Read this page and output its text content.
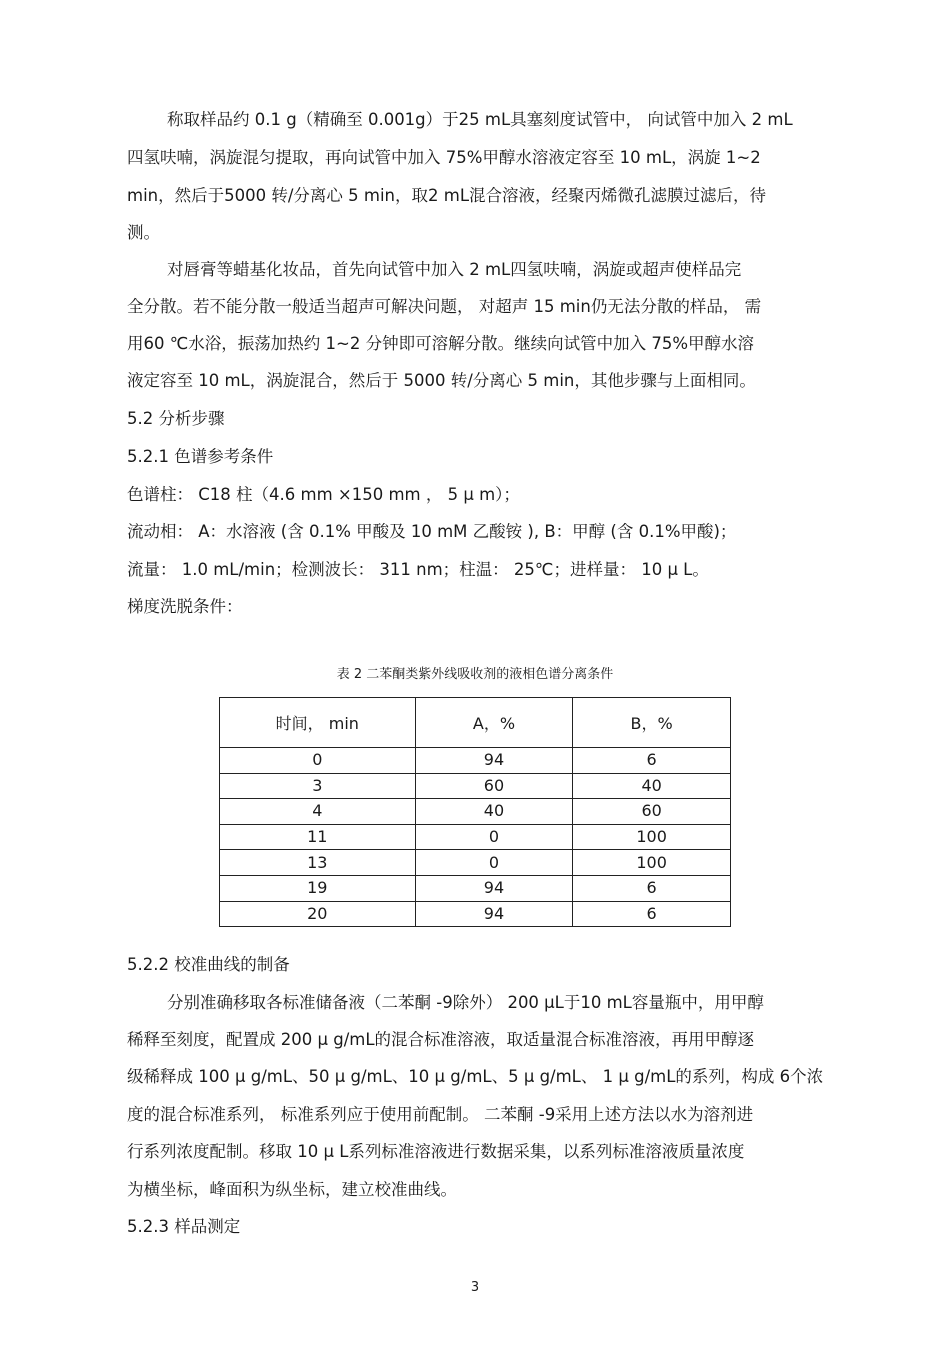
称取样品约 0.1 g（精确至 0.001g）于25 mL具塞刻度试管中， 向试管中加入 2 mL

四氢呋喃，涡旋混匀提取，再向试管中加入 75%甲醇水溶液定容至 10 mL，涡旋 1~2

min，然后于5000 转/分离心 5 min，取2 mL混合溶液，经聚丙烯微孔滤膜过滤后，待

测。

对唇膏等蜡基化妆品，首先向试管中加入 2 mL四氢呋喃，涡旋或超声使样品完

全分散。若不能分散一般适当超声可解决问题， 对超声 15 min仍无法分散的样品， 需

用60 ℃水浴，振荡加热约 1~2 分钟即可溶解分散。继续向试管中加入 75%甲醇水溶

液定容至 10 mL，涡旋混合，然后于 5000 转/分离心 5 min，其他步骤与上面相同。

5.2 分析步骤

5.2.1 色谱参考条件

色谱柱： C18 柱（4.6 mm ×150 mm ， 5 μ m）；

流动相： A：水溶液 (含 0.1% 甲酸及 10 mM 乙酸铵 ), B：甲醇 (含 0.1%甲酸)；

流量： 1.0 mL/min；检测波长： 311 nm；柱温： 25℃；进样量： 10 μ L。

梯度洗脱条件：

表 2 二苯酮类紫外线吸收剂的液相色谱分离条件

时间， min	A，%	B，%
0	94	6
3	60	40
4	40	60
11	0	100
13	0	100
19	94	6
20	94	6

5.2.2 校准曲线的制备

分别准确移取各标准储备液（二苯酮 -9除外） 200 μL于10 mL容量瓶中，用甲醇

稀释至刻度，配置成 200 μ g/mL的混合标准溶液，取适量混合标准溶液，再用甲醇逐

级稀释成 100 μ g/mL、50 μ g/mL、10 μ g/mL、5 μ g/mL、 1 μ g/mL的系列，构成 6个浓

度的混合标准系列， 标准系列应于使用前配制。 二苯酮 -9采用上述方法以水为溶剂进

行系列浓度配制。移取 10 μ L系列标准溶液进行数据采集，以系列标准溶液质量浓度

为横坐标，峰面积为纵坐标，建立校准曲线。

5.2.3 样品测定

3
